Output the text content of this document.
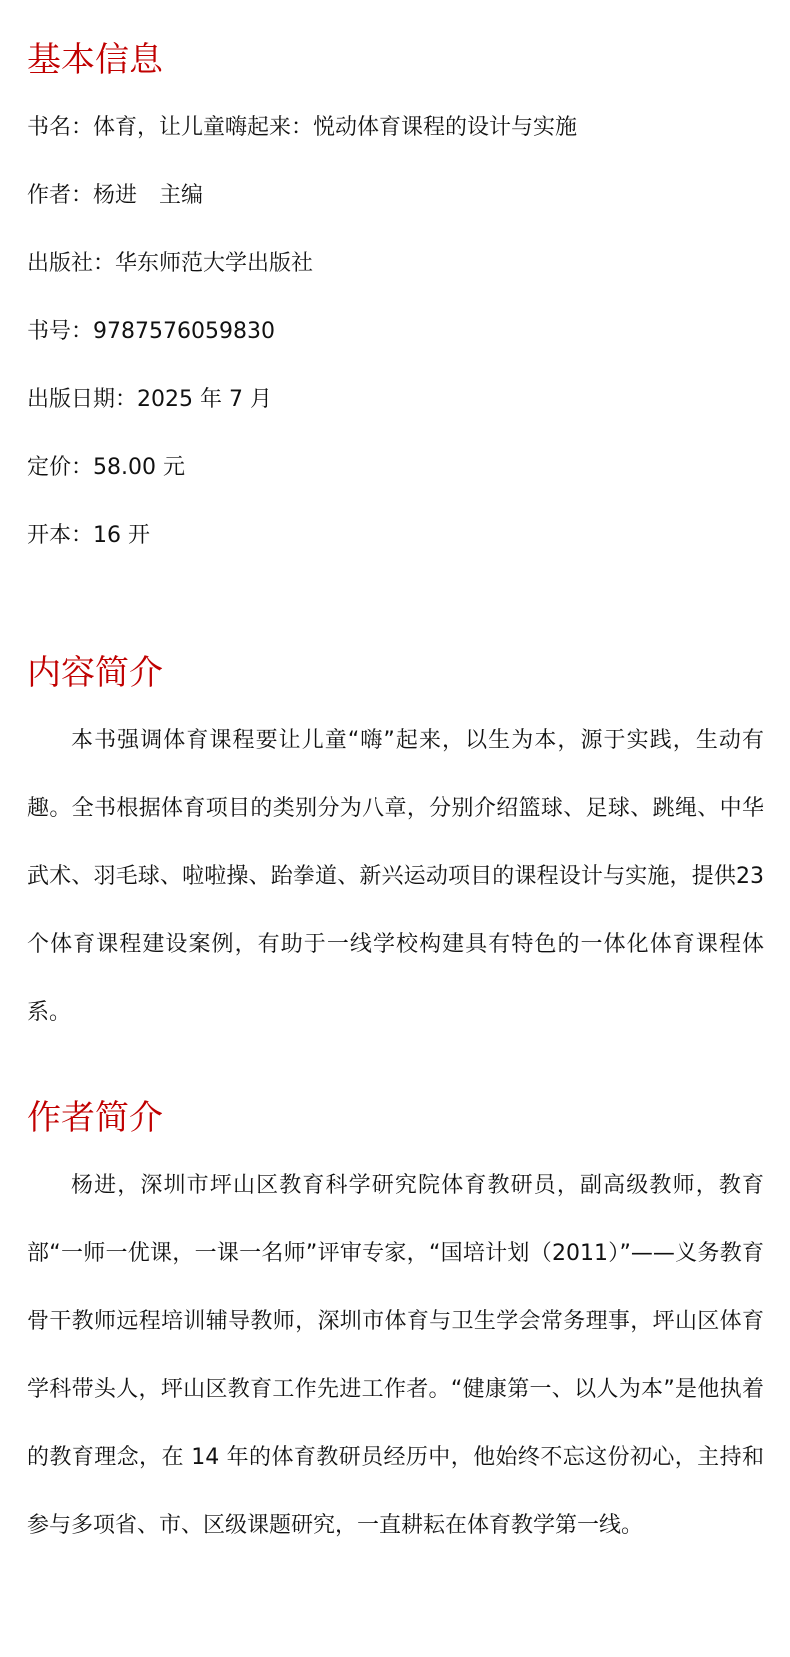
基本信息

书名：体育，让儿童嗨起来：悦动体育课程的设计与实施

作者：杨进　主编

出版社：华东师范大学出版社

书号：9787576059830

出版日期：2025 年 7 月

定价：58.00 元

开本：16 开

内容简介

本书强调体育课程要让儿童“嗨”起来，以生为本，源于实践，生动有趣。全书根据体育项目的类别分为八章，分别介绍篮球、足球、跳绳、中华武术、羽毛球、啦啦操、跆拳道、新兴运动项目的课程设计与实施，提供23个体育课程建设案例，有助于一线学校构建具有特色的一体化体育课程体系。

作者简介

杨进，深圳市坪山区教育科学研究院体育教研员，副高级教师，教育部“一师一优课，一课一名师”评审专家，“国培计划（2011）”——义务教育骨干教师远程培训辅导教师，深圳市体育与卫生学会常务理事，坪山区体育学科带头人，坪山区教育工作先进工作者。“健康第一、以人为本”是他执着的教育理念，在 14 年的体育教研员经历中，他始终不忘这份初心，主持和参与多项省、市、区级课题研究，一直耕耘在体育教学第一线。
